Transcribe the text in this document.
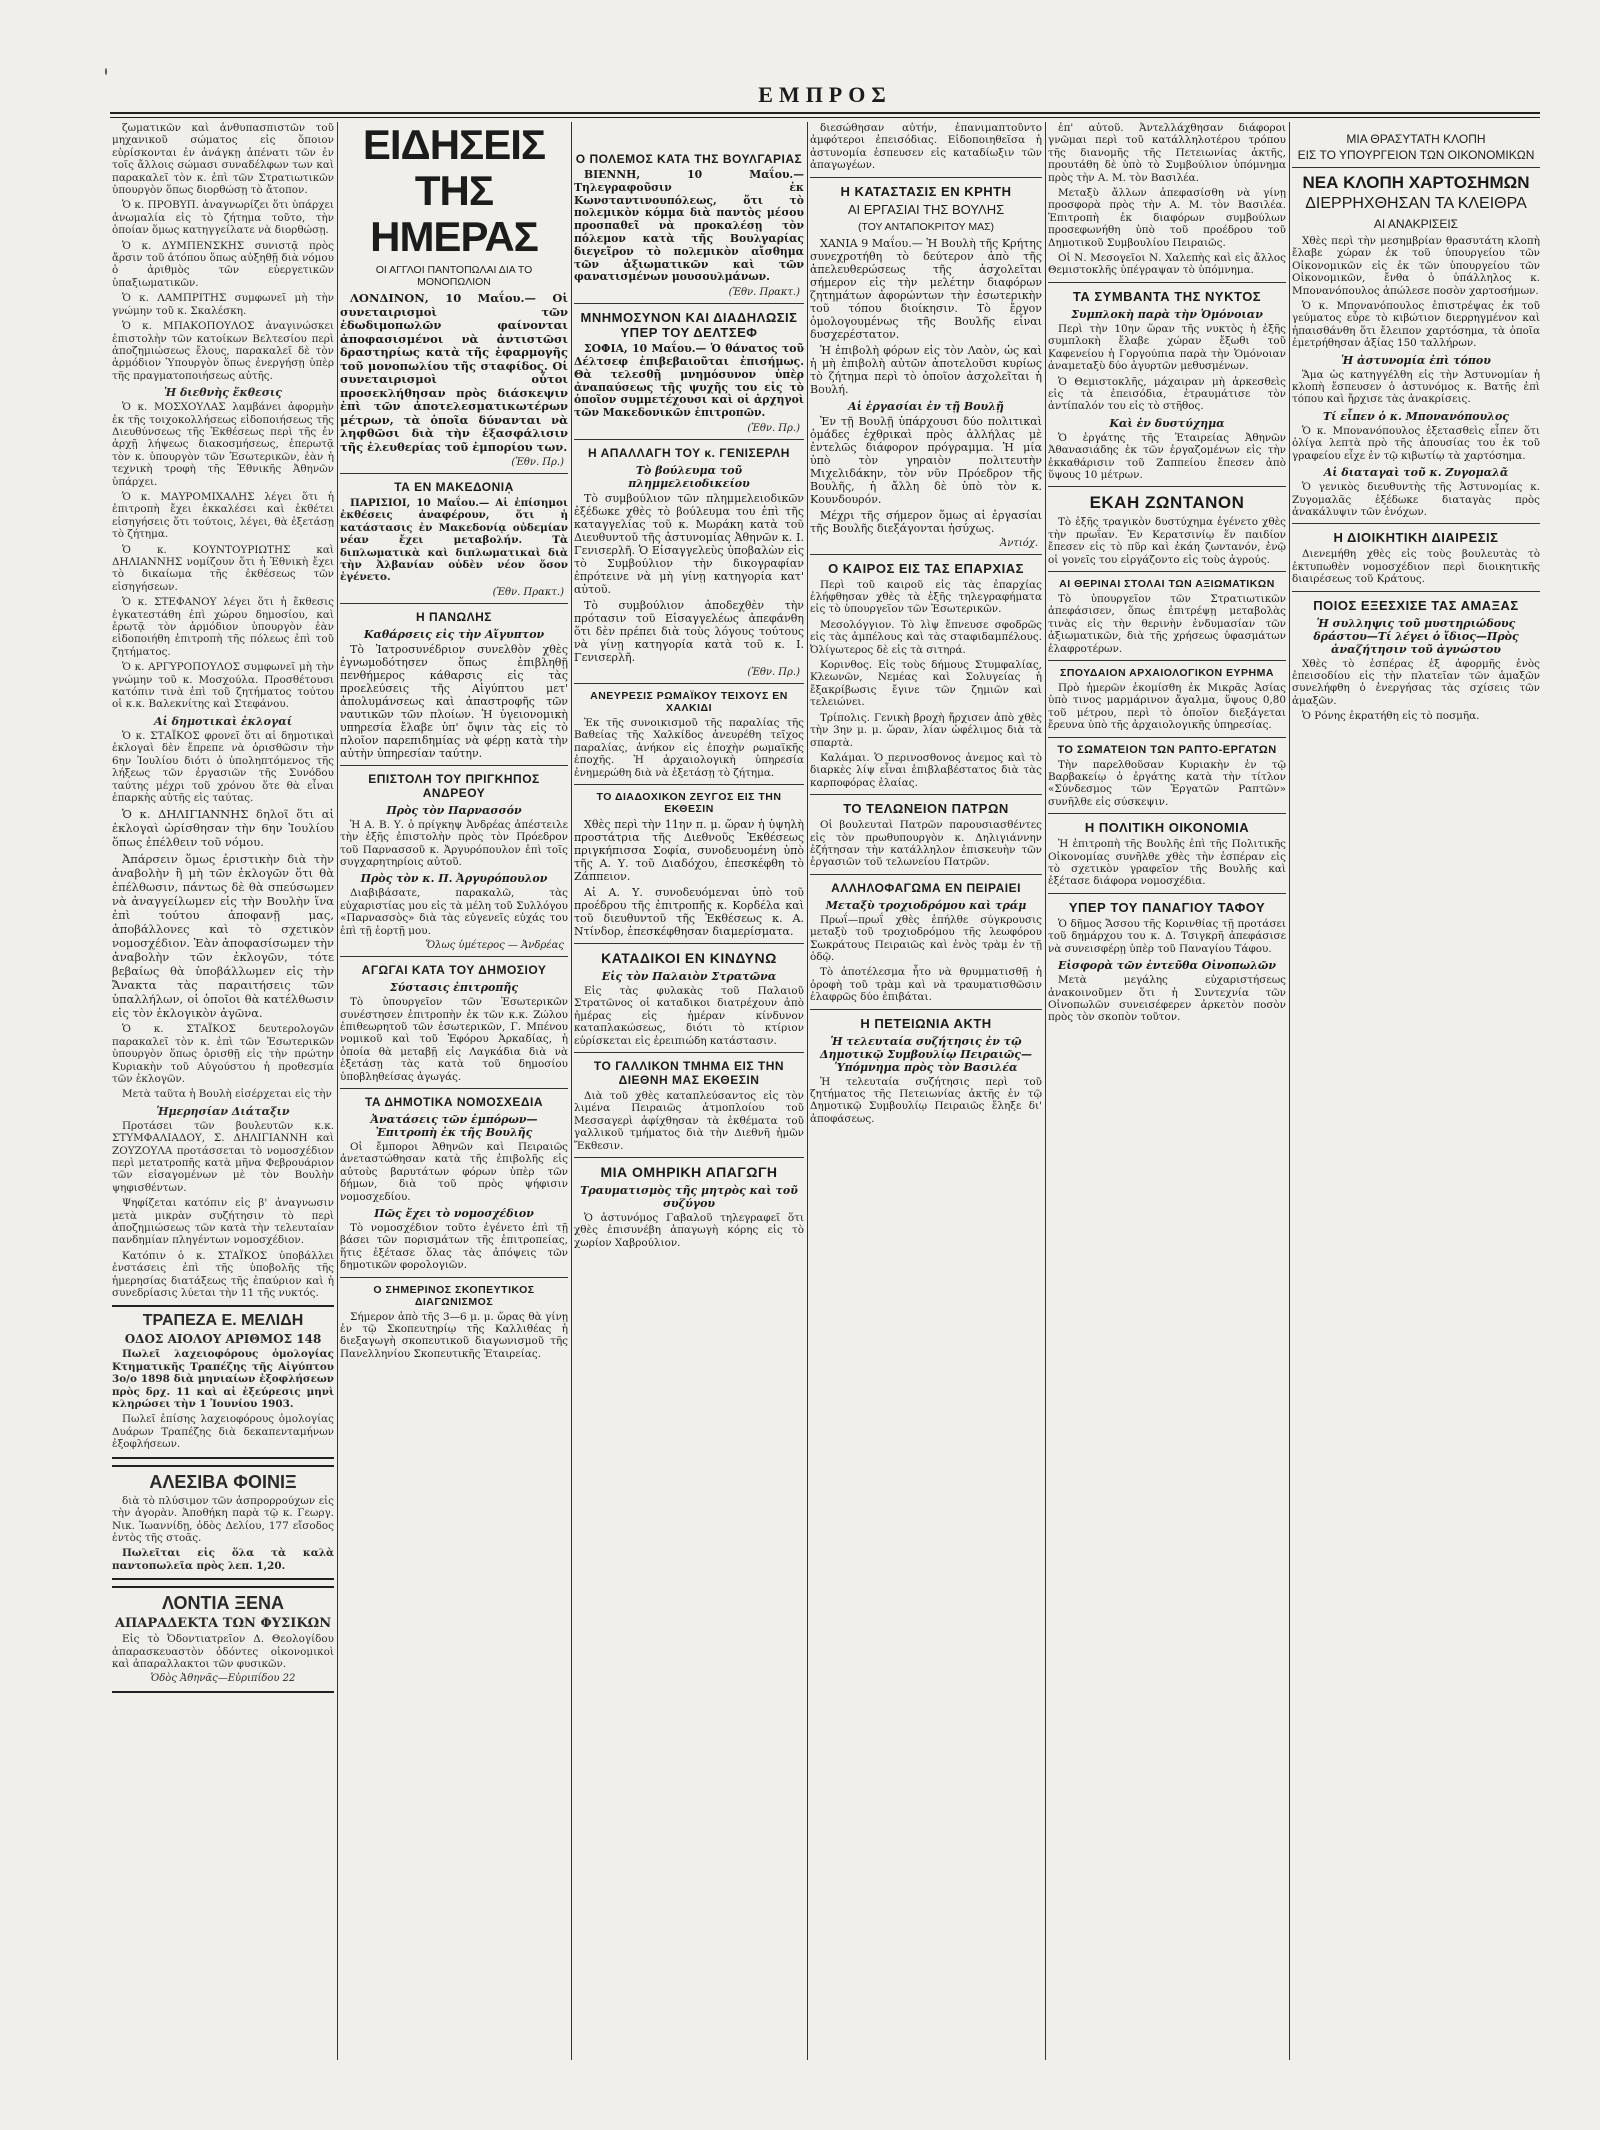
ΕΜΠΡΟΣ

ζωματικῶν καὶ ἀνθυπασπιστῶν τοῦ μηχανικοῦ σώματος εἰς ὅποιον εὑρίσκονται ἐν ἀνάγκῃ ἀπένατι τῶν ἐν τοῖς ἄλλοις σώμασι συναδέλφων των καὶ παρακαλεῖ τὸν κ. ἐπὶ τῶν Στρατιωτικῶν ὑπουργὸν ὅπως διορθώσῃ τὸ ἄτοπον.

Ὁ κ. ΠΡΟΒΥΠ. ἀναγνωρίζει ὅτι ὑπάρχει ἀνωμαλία εἰς τὸ ζήτημα τοῦτο, τὴν ὁποίαν ὅμως κατηγγείλατε νὰ διορθώσῃ.

Ὁ κ. ΔΥΜΠΕΝΣΚΗΣ συνιστᾷ πρὸς ἄρσιν τοῦ ἀτόπου ὅπως αὐξηθῇ διὰ νόμου ὁ ἀριθμὸς τῶν εὐεργετικῶν ὑπαξιωματικῶν.

Ὁ κ. ΛΑΜΠΡΙΤΗΣ συμφωνεῖ μὴ τὴν γνώμην τοῦ κ. Σκαλέσκη.

Ὁ κ. ΜΠΑΚΟΠΟΥΛΟΣ ἀναγινώσκει ἐπιστολὴν τῶν κατοίκων Βελτεσίου περὶ ἀποζημιώσεως ἔλους, παρακαλεῖ δὲ τὸν ἀρμόδιον Ὑπουργὸν ὅπως ἐνεργήσῃ ὑπὲρ τῆς πραγματοποιήσεως αὐτῆς.

Ἡ διεθνὴς ἔκθεσις

Ὁ κ. ΜΟΣΧΟΥΛΑΣ λαμβάνει ἀφορμὴν ἐκ τῆς τοιχοκολλήσεως εἰδοποιήσεως τῆς Διευθύνσεως τῆς Ἐκθέσεως περὶ τῆς ἐν ἀρχῇ λήψεως διακοσμήσεως, ἐπερωτᾷ τὸν κ. ὑπουργὸν τῶν Ἐσωτερικῶν, ἐὰν ἡ τεχνικὴ τροφὴ τῆς Ἐθνικῆς Ἀθηνῶν ὑπάρχει.

Ὁ κ. ΜΑΥΡΟΜΙΧΑΛΗΣ λέγει ὅτι ἡ ἐπιτροπὴ ἔχει ἐκκαλέσει καὶ ἐκθέτει εἰσηγήσεις ὅτι τούτοις, λέγει, θὰ ἐξετάσῃ τὸ ζήτημα.

Ὁ κ. ΚΟΥΝΤΟΥΡΙΩΤΗΣ καὶ ΔΗΛΙΑΝΝΗΣ νομίζουν ὅτι ἡ Ἐθνικὴ ἔχει τὸ δικαίωμα τῆς ἐκθέσεως τῶν εἰσηγήσεων.

Ὁ κ. ΣΤΕΦΑΝΟΥ λέγει ὅτι ἡ ἔκθεσις ἐγκατεστάθη ἐπὶ χώρου δημοσίου, καὶ ἐρωτᾷ τὸν ἁρμόδιον ὑπουργὸν ἐὰν εἰδοποιήθη ἐπιτροπὴ τῆς πόλεως ἐπὶ τοῦ ζητήματος.

Ὁ κ. ΑΡΓΥΡΟΠΟΥΛΟΣ συμφωνεῖ μὴ τὴν γνώμην τοῦ κ. Μοσχούλα. Προσθέτουσι κατόπιν τινὰ ἐπὶ τοῦ ζητήματος τούτου οἱ κ.κ. Βαλεκνίτης καὶ Στεφάνου.

Αἱ δημοτικαὶ ἐκλογαί

Ὁ κ. ΣΤΑΪΚΟΣ φρονεῖ ὅτι αἱ δημοτικαὶ ἐκλογαὶ δὲν ἔπρεπε νὰ ὁρισθῶσιν τὴν 6ην Ἰουλίου διότι ὁ ὑποληπτόμενος τῆς λήξεως τῶν ἐργασιῶν τῆς Συνόδου ταύτης μέχρι τοῦ χρόνου ὅτε θὰ εἶναι ἐπαρκὴς αὐτῆς εἰς ταύτας.

Ὁ κ. ΔΗΛΙΓΙΑΝΝΗΣ δηλοῖ ὅτι αἱ ἐκλογαὶ ὡρίσθησαν τὴν 6ην Ἰουλίου ὅπως ἐπέλθειν τοῦ νόμου.

Ἀπάρσειν ὅμως ἐριστικὴν διὰ τὴν ἀναβολὴν ἢ μὴ τῶν ἐκλογῶν ὅτι θὰ ἐπέλθωσιν, πάντως δὲ θὰ σπεύσωμεν νὰ ἀναγγείλωμεν εἰς τὴν Βουλὴν ἵνα ἐπὶ τούτου ἀποφανῇ μας, ἀποβάλλονες καὶ τὸ σχετικὸν νομοσχέδιον. Ἐὰν ἀποφασίσωμεν τὴν ἀναβολὴν τῶν ἐκλογῶν, τότε βεβαίως θὰ ὑποβάλλωμεν εἰς τὴν Ἄνακτα τὰς παραιτήσεις τῶν ὑπαλλήλων, οἱ ὁποῖοι θὰ κατέλθωσιν εἰς τὸν ἐκλογικὸν ἀγῶνα.

Ὁ κ. ΣΤΑΪΚΟΣ δευτερολογῶν παρακαλεῖ τὸν κ. ἐπὶ τῶν Ἐσωτερικῶν ὑπουργὸν ὅπως ὁρισθῇ εἰς τὴν πρώτην Κυριακὴν τοῦ Αὐγούστου ἡ προθεσμία τῶν ἐκλογῶν.

Μετὰ ταῦτα ἡ Βουλὴ εἰσέρχεται εἰς τὴν

Ἡμερησίαν Διάταξιν

Προτάσει τῶν βουλευτῶν κ.κ. ΣΤΥΜΦΑΛΙΑΔΟΥ, Σ. ΔΗΛΙΓΙΑΝΝΗ καὶ ΖΟΥΖΟΥΛΑ προτάσσεται τὸ νομοσχέδιον περὶ μετατροπῆς κατὰ μῆνα Φεβρουάριον τῶν εἰσαγομένων μὲ τὸν Βουλὴν ψηφισθέντων.

Ψηφίζεται κατόπιν εἰς β' ἀναγνωσιν μετὰ μικρὰν συζήτησιν τὸ περὶ ἀποζημιώσεως τῶν κατὰ τὴν τελευταίαν πανδημίαν πληγέντων νομοσχέδιον.

Κατόπιν ὁ κ. ΣΤΑΪΚΟΣ ὑποβάλλει ἐνστάσεις ἐπὶ τῆς ὑποβολῆς τῆς ἡμερησίας διατάξεως τῆς ἐπαύριον καὶ ἡ συνεδρίασις λύεται τὴν 11 τῆς νυκτός.

ΤΡΑΠΕΖΑ Ε. ΜΕΛΙΔΗ
ΟΔΟΣ ΑΙΟΛΟΥ ΑΡΙΘΜΟΣ 148

Πωλεῖ λαχειοφόρους ὁμολογίας Κτηματικῆς Τραπέζης τῆς Αἰγύπτου 3ο/ο 1898 διὰ μηνιαίων ἐξοφλήσεων πρὸς δρχ. 11 καὶ αἱ ἐξεύρεσις μηνὶ κληρώσει τὴν 1 Ἰουνίου 1903.

Πωλεῖ ἐπίσης λαχειοφόρους ὁμολογίας Δυάρων Τραπέζης διὰ δεκαπενταμήνων ἐξοφλήσεων.

ΑΛΕΣΙΒΑ ΦΟΙΝΙΞ

διὰ τὸ πλύσιμον τῶν ἀσπρορρούχων εἰς τὴν ἀγορὰν. Ἀποθήκη παρὰ τῷ κ. Γεωργ. Νικ. Ἰωαννίδῃ, ὁδὸς Δελίου, 177 εἴσοδος ἐντὸς τῆς στοᾶς.

Πωλεῖται εἰς ὅλα τὰ καλὰ παντοπωλεῖα πρὸς λεπ. 1,20.

ΛΟΝΤΙΑ ΞΕΝΑ
ΑΠΑΡΑΔΕΚΤΑ ΤΩΝ ΦΥΣΙΚΩΝ

Εἰς τὸ Ὀδοντιατρεῖον Δ. Θεολογίδου ἀπαρασκευαστὸν ὀδόντες οἰκονομικοὶ καὶ ἀπαραλλακτοι τῶν φυσικῶν.

Ὁδὸς Ἀθηνᾶς—Εὐριπίδου 22
ΕΙΔΗΣΕΙΣ ΤΗΣ ΗΜΕΡΑΣ
ΟΙ ΑΓΓΛΟΙ ΠΑΝΤΟΠΩΛΑΙ ΔΙΑ ΤΟ ΜΟΝΟΠΩΛΙΟΝ

ΛΟΝΔΙΝΟΝ, 10 Μαΐου.— Οἱ συνεταιρισμοὶ τῶν ἐδωδιμοπωλῶν φαίνονται ἀποφασισμένοι νὰ ἀντιστῶσι δραστηρίως κατὰ τῆς ἐφαρμογῆς τοῦ μονοπωλίου τῆς σταφίδος. Οἱ συνεταιρισμοὶ οὗτοι προσεκλήθησαν πρὸς διάσκεψιν ἐπὶ τῶν ἀποτελεσματικωτέρων μέτρων, τὰ ὁποῖα δύνανται νὰ ληφθῶσι διὰ τὴν ἐξασφάλισιν τῆς ἐλευθερίας τοῦ ἐμπορίου των.

(Ἐθν. Πρ.)
ΤΑ ΕΝ ΜΑΚΕΔΟΝΙᾼ

ΠΑΡΙΣΙΟΙ, 10 Μαΐου.— Αἱ ἐπίσημοι ἐκθέσεις ἀναφέρουν, ὅτι ἡ κατάστασις ἐν Μακεδονίᾳ οὐδεμίαν νέαν ἔχει μεταβολήν. Τὰ διπλωματικὰ καὶ διπλωματικαὶ διὰ τὴν Ἀλβανίαν οὐδὲν νέον ὅσον ἐγένετο.

(Ἐθν. Πρακτ.)
Η ΠΑΝΩΛΗΣ
Καθάρσεις εἰς τὴν Αἴγυπτον

Τὸ Ἰατροσυνέδριον συνελθὸν χθὲς ἐγνωμοδότησεν ὅπως ἐπιβληθῇ πενθήμερος κάθαρσις εἰς τὰς προελεύσεις τῆς Αἰγύπτου μετ' ἀπολυμάνσεως καὶ ἀπαστροφῆς τῶν ναυτικῶν τῶν πλοίων. Ἡ ὑγειονομικὴ υπηρεσία ἔλαβε ὑπ' ὄψιν τὰς εἰς τὸ πλοῖον παρεπιδημίας νὰ φέρῃ κατὰ τὴν αὐτὴν ὑπηρεσίαν ταύτην.

ΕΠΙΣΤΟΛΗ ΤΟΥ ΠΡΙΓΚΗΠΟΣ ΑΝΔΡΕΟΥ
Πρὸς τὸν Παρνασσόν

Ἡ Α. Β. Υ. ὁ πρίγκηψ Ἀνδρέας ἀπέστειλε τὴν ἑξῆς ἐπιστολὴν πρὸς τὸν Πρόεδρον τοῦ Παρνασσοῦ κ. Ἀργυρόπουλον ἐπὶ τοῖς συγχαρητηρίοις αὐτοῦ.

Πρὸς τὸν κ. Π. Ἀργυρόπουλον

Διαβιβάσατε, παρακαλῶ, τὰς εὐχαριστίας μου εἰς τὰ μέλη τοῦ Συλλόγου «Παρνασσὸς» διὰ τὰς εὐγενεῖς εὐχάς του ἐπὶ τῇ ἑορτῇ μου.

Ὅλως ὑμέτερος — Ἀνδρέας
ΑΓΩΓΑΙ ΚΑΤΑ ΤΟΥ ΔΗΜΟΣΙΟΥ
Σύστασις ἐπιτροπῆς

Τὸ ὑπουργεῖον τῶν Ἐσωτερικῶν συνέστησεν ἐπιτροπὴν ἐκ τῶν κ.κ. Ζώλου ἐπιθεωρητοῦ τῶν ἐσωτερικῶν, Γ. Μπένου νομικοῦ καὶ τοῦ Ἐφόρου Ἀρκαδίας, ἡ ὁποία θὰ μεταβῇ εἰς Λαγκάδια διὰ νὰ ἐξετάσῃ τὰς κατὰ τοῦ δημοσίου ὑποβληθείσας ἀγωγάς.

ΤΑ ΔΗΜΟΤΙΚΑ ΝΟΜΟΣΧΕΔΙΑ
Ἀνατάσεις τῶν ἐμπόρων—Ἐπιτροπὴ ἐκ τῆς Βουλῆς

Οἱ ἔμποροι Ἀθηνῶν καὶ Πειραιῶς ἀνεταστώθησαν κατὰ τῆς ἐπιβολῆς εἰς αὐτοὺς βαρυτάτων φόρων ὑπὲρ τῶν δήμων, διὰ τοῦ πρὸς ψήφισιν νομοσχεδίου.

Πῶς ἔχει τὸ νομοσχέδιον

Τὸ νομοσχέδιον τοῦτο ἐγένετο ἐπὶ τῇ βάσει τῶν πορισμάτων τῆς ἐπιτροπείας, ἥτις ἐξέτασε ὅλας τὰς ἀπόψεις τῶν δημοτικῶν φορολογιῶν.

Ο ΣΗΜΕΡΙΝΟΣ ΣΚΟΠΕΥΤΙΚΟΣ ΔΙΑΓΩΝΙΣΜΟΣ

Σήμερον ἀπὸ τῆς 3—6 μ. μ. ὥρας θὰ γίνῃ ἐν τῷ Σκοπευτηρίῳ τῆς Καλλιθέας ἡ διεξαγωγὴ σκοπευτικοῦ διαγωνισμοῦ τῆς Πανελληνίου Σκοπευτικῆς Ἑταιρείας.

Ο ΠΟΛΕΜΟΣ ΚΑΤΑ ΤΗΣ ΒΟΥΛΓΑΡΙΑΣ

ΒΙΕΝΝΗ, 10 Μαΐου.— Τηλεγραφοῦσιν ἐκ Κωνσταντινουπόλεως, ὅτι τὸ πολεμικὸν κόμμα διὰ παντὸς μέσου προσπαθεῖ νὰ προκαλέσῃ τὸν πόλεμον κατὰ τῆς Βουλγαρίας διεγεῖρον τὸ πολεμικὸν αἴσθημα τῶν ἀξιωματικῶν καὶ τῶν φανατισμένων μουσουλμάνων.

(Ἐθν. Πρακτ.)
ΜΝΗΜΟΣΥΝΟΝ ΚΑΙ ΔΙΑΔΗΛΩΣΙΣ ΥΠΕΡ ΤΟΥ ΔΕΛΤΣΕΦ

ΣΟΦΙΑ, 10 Μαΐου.— Ὁ θάνατος τοῦ Δέλτσεφ ἐπιβεβαιοῦται ἐπισήμως. Θὰ τελεσθῇ μνημόσυνον ὑπὲρ ἀναπαύσεως τῆς ψυχῆς του εἰς τὸ ὁποῖον συμμετέχουσι καὶ οἱ ἀρχηγοὶ τῶν Μακεδονικῶν ἐπιτροπῶν.

(Ἐθν. Πρ.)
Η ΑΠΑΛΛΑΓΗ ΤΟΥ κ. ΓΕΝΙΣΕΡΛΗ
Τὸ βούλευμα τοῦ πλημμελειοδικείου

Τὸ συμβούλιον τῶν πλημμελειοδικῶν ἐξέδωκε χθὲς τὸ βούλευμα του ἐπὶ τῆς καταγγελίας τοῦ κ. Μωράκη κατὰ τοῦ Διευθυντοῦ τῆς ἀστυνομίας Ἀθηνῶν κ. Ι. Γενισερλῆ. Ὁ Εἰσαγγελεὺς ὑποβαλὼν εἰς τὸ Συμβούλιον τὴν δικογραφίαν ἐπρότεινε νὰ μὴ γίνῃ κατηγορία κατ' αὐτοῦ.

Τὸ συμβούλιον ἀποδεχθὲν τὴν πρότασιν τοῦ Εἰσαγγελέως ἀπεφάνθη ὅτι δὲν πρέπει διὰ τοὺς λόγους τούτους νὰ γίνῃ κατηγορία κατὰ τοῦ κ. Ι. Γενισερλῆ.

(Ἐθν. Πρ.)
ΑΝΕΥΡΕΣΙΣ ΡΩΜΑΪΚΟΥ ΤΕΙΧΟΥΣ ΕΝ ΧΑΛΚΙΔΙ

Ἐκ τῆς συνοικισμοῦ τῆς παραλίας τῆς Βαθείας τῆς Χαλκίδος ἀνευρέθη τεῖχος παραλίας, ἀνήκον εἰς ἐποχὴν ρωμαϊκῆς ἐποχῆς. Ἡ ἀρχαιολογικὴ ὑπηρεσία ἐνημερώθη διὰ νὰ ἐξετάσῃ τὸ ζήτημα.

ΤΟ ΔΙΑΔΟΧΙΚΟΝ ΖΕΥΓΟΣ ΕΙΣ ΤΗΝ ΕΚΘΕΣΙΝ

Χθὲς περὶ τὴν 11ην π. μ. ὥραν ἡ ὑψηλὴ προστάτρια τῆς Διεθνοῦς Ἐκθέσεως πριγκήπισσα Σοφία, συνοδευομένη ὑπὸ τῆς Α. Υ. τοῦ Διαδόχου, ἐπεσκέφθη τὸ Ζάππειον.

Αἱ Α. Υ. συνοδευόμεναι ὑπὸ τοῦ προέδρου τῆς ἐπιτροπῆς κ. Κορδέλα καὶ τοῦ διευθυντοῦ τῆς Ἐκθέσεως κ. Α. Ντίνδορ, ἐπεσκέφθησαν διαμερίσματα.

ΚΑΤΑΔΙΚΟΙ ΕΝ ΚΙΝΔΥΝΩ
Εἰς τὸν Παλαιὸν Στρατῶνα

Εἰς τὰς φυλακὰς τοῦ Παλαιοῦ Στρατῶνος οἱ καταδικοι διατρέχουν ἀπὸ ἡμέρας εἰς ἡμέραν κίνδυνον καταπλακώσεως, διότι τὸ κτίριον εὑρίσκεται εἰς ἐρειπιώδη κατάστασιν.

ΤΟ ΓΑΛΛΙΚΟΝ ΤΜΗΜΑ ΕΙΣ ΤΗΝ ΔΙΕΘΝΗ ΜΑΣ ΕΚΘΕΣΙΝ

Διὰ τοῦ χθὲς καταπλεύσαντος εἰς τὸν λιμένα Πειραιῶς ἀτμοπλοίου τοῦ Μεσσαγερὶ ἀφίχθησαν τὰ ἐκθέματα τοῦ γαλλικοῦ τμήματος διὰ τὴν Διεθνῆ ἡμῶν Ἔκθεσιν.

ΜΙΑ ΟΜΗΡΙΚΗ ΑΠΑΓΩΓΗ
Τραυματισμὸς τῆς μητρὸς καὶ τοῦ συζύγου

Ὁ ἀστυνόμος Γαβαλοῦ τηλεγραφεῖ ὅτι χθὲς ἐπισυνέβη ἀπαγωγὴ κόρης εἰς τὸ χωρίον Χαβρούλιον.

διεσώθησαν αὐτήν, ἐπανιμαπτοῦντο ἀμφότεροι ἐπεισόδιας. Εἰδοποιηθεῖσα ἡ ἀστυνομία ἐσπευσεν εἰς καταδίωξιν τῶν ἀπαγωγέων.

Η ΚΑΤΑΣΤΑΣΙΣ ΕΝ ΚΡΗΤΗ
ΑΙ ΕΡΓΑΣΙΑΙ ΤΗΣ ΒΟΥΛΗΣ
(ΤΟΥ ΑΝΤΑΠΟΚΡΙΤΟΥ ΜΑΣ)

ΧΑΝΙΑ 9 Μαΐου.— Ἡ Βουλὴ τῆς Κρήτης συνεχροτήθη τὸ δεύτερον ἀπὸ τῆς ἀπελευθερώσεως τῆς ἀσχολεῖται σήμερον εἰς τὴν μελέτην διαφόρων ζητημάτων ἀφορώντων τὴν ἐσωτερικὴν τοῦ τόπου διοίκησιν. Τὸ ἔργον ὁμολογουμένως τῆς Βουλῆς εἶναι δυσχερέστατον.

Ἡ ἐπιβολὴ φόρων εἰς τὸν Λαὸν, ὡς καὶ ἡ μὴ ἐπιβολὴ αὐτῶν ἀποτελοῦσι κυρίως τὸ ζήτημα περὶ τὸ ὁποῖον ἀσχολεῖται ἡ Βουλή.

Αἱ ἐργασίαι ἐν τῇ Βουλῇ

Ἐν τῇ Βουλῇ ὑπάρχουσι δύο πολιτικαὶ ὁμάδες ἐχθρικαὶ πρὸς ἀλλήλας μὲ ἐντελῶς διάφορον πρόγραμμα. Ἡ μία ὑπὸ τὸν γηραιὸν πολιτευτὴν Μιχελιδάκην, τὸν νῦν Πρόεδρον τῆς Βουλῆς, ἡ ἄλλη δὲ ὑπὸ τὸν κ. Κουνδουρόν.

Μέχρι τῆς σήμερον ὅμως αἱ ἐργασίαι τῆς Βουλῆς διεξάγονται ἡσύχως.

Ἀντιόχ.
Ο ΚΑΙΡΟΣ ΕΙΣ ΤΑΣ ΕΠΑΡΧΙΑΣ

Περὶ τοῦ καιροῦ εἰς τὰς ἐπαρχίας ἐλήφθησαν χθὲς τὰ ἑξῆς τηλεγραφήματα εἰς τὸ ὑπουργεῖον τῶν Ἐσωτερικῶν.

Μεσολόγγιον. Τὸ λὶψ ἔπνευσε σφοδρῶς εἰς τὰς ἀμπέλους καὶ τὰς σταφιδαμπέλους. Ὀλίγωτερος δὲ εἰς τὰ σιτηρά.

Κορινθος. Εἰς τοὺς δήμους Στυμφαλίας, Κλεωνῶν, Νεμέας καὶ Σολυγείας ἡ ἔξακρίβωσις ἔγινε τῶν ζημιῶν καὶ τελειώνει.

Τρίπολις. Γενικὴ βροχὴ ἤρχισεν ἀπὸ χθὲς τὴν 3ην μ. μ. ὥραν, λίαν ὠφέλιμος διὰ τὰ σπαρτὰ.

Καλάμαι. Ὁ περινοσθονος ἀνεμος καὶ τὸ διαρκὲς λίψ εἶναι ἐπιβλαβέστατος διὰ τὰς καρποφόρας ἐλαίας.

ΤΟ ΤΕΛΩΝΕΙΟΝ ΠΑΤΡΩΝ

Οἱ βουλευταὶ Πατρῶν παρουσιασθέντες εἰς τὸν πρωθυπουργὸν κ. Δηλιγιάννην ἐζήτησαν τὴν κατάλληλον ἐπισκευὴν τῶν ἐργασιῶν τοῦ τελωνείου Πατρῶν.

ΑΛΛΗΛΟΦΑΓΩΜΑ ΕΝ ΠΕΙΡΑΙΕΙ
Μεταξὺ τροχιοδρόμου καὶ τράμ

Πρωΐ—πρωΐ χθὲς ἐπήλθε σύγκρουσις μεταξὺ τοῦ τροχιοδρόμου τῆς λεωφόρου Σωκράτους Πειραιῶς καὶ ἑνὸς τρὰμ ἐν τῇ ὁδῷ.

Τὸ ἀποτέλεσμα ἦτο νὰ θρυμματισθῇ ἡ ὀροφὴ τοῦ τρὰμ καὶ νὰ τραυματισθῶσιν ἐλαφρῶς δύο ἐπιβάται.

Η ΠΕΤΕΙΩΝΙΑ ΑΚΤΗ
Ἡ τελευταία συζήτησις ἐν τῷ Δημοτικῷ Συμβουλίῳ Πειραιῶς—Ὑπόμνημα πρὸς τὸν Βασιλέα

Ἡ τελευταία συζήτησις περὶ τοῦ ζητήματος τῆς Πετειωνίας ἀκτῆς ἐν τῷ Δημοτικῷ Συμβουλίῳ Πειραιῶς ἔληξε δι' ἀποφάσεως.

ἐπ' αὐτοῦ. Ἀντελλάχθησαν διάφοροι γνῶμαι περὶ τοῦ κατάλληλοτέρου τρόπου τῆς διανομῆς τῆς Πετειωνίας ἀκτῆς, προυτάθη δὲ ὑπὸ τὸ Συμβούλιον ὑπόμνημα πρὸς τὴν Α. Μ. τὸν Βασιλέα.

Μεταξὺ ἄλλων ἀπεφασίσθη νὰ γίνῃ προσφορὰ πρὸς τὴν Α. Μ. τὸν Βασιλέα. Ἐπιτροπὴ ἐκ διαφόρων συμβούλων προσεφωνήθη ὑπὸ τοῦ προέδρου τοῦ Δημοτικοῦ Συμβουλίου Πειραιῶς.

Οἱ Ν. Μεσογεῖοι Ν. Χαλεπὴς καὶ εἰς ἄλλος Θεμιστοκλῆς ὑπέγραψαν τὸ ὑπόμνημα.

ΤΑ ΣΥΜΒΑΝΤΑ ΤΗΣ ΝΥΚΤΟΣ
Συμπλοκὴ παρὰ τὴν Ὁμόνοιαν

Περὶ τὴν 10ην ὥραν τῆς νυκτὸς ἡ ἑξῆς συμπλοκὴ ἔλαβε χώραν ἔξωθι τοῦ Καφενείου ἡ Γοργούπια παρὰ τὴν Ὁμόνοιαν ἀναμεταξὺ δύο ἀγυρτῶν μεθυσμένων.

Ὁ Θεμιστοκλῆς, μάχαιραν μὴ ἀρκεσθεὶς εἰς τὰ ἐπεισόδια, ἐτραυμάτισε τὸν ἀντίπαλόν του εἰς τὸ στῆθος.

Καὶ ἐν δυστύχημα

Ὁ ἐργάτης τῆς Ἐταιρείας Ἀθηνῶν Ἀθανασιάδης ἐκ τῶν ἐργαζομένων εἰς τὴν ἐκκαθάρισιν τοῦ Ζαππείου ἔπεσεν ἀπὸ ὕψους 10 μέτρων.

ΕΚΑΗ ΖΩΝΤΑΝΟΝ

Τὸ ἑξῆς τραγικὸν δυστύχημα ἐγένετο χθὲς τὴν πρωΐαν. Ἐν Κερατσινίῳ ἕν παιδίον ἔπεσεν εἰς τὸ πῦρ καὶ ἐκάη ζωντανόν, ἐνῷ οἱ γονεῖς του εἰργάζοντο εἰς τοὺς ἀγρούς.

ΑΙ ΘΕΡΙΝΑΙ ΣΤΟΛΑΙ ΤΩΝ ΑΞΙΩΜΑΤΙΚΩΝ

Τὸ ὑπουργεῖον τῶν Στρατιωτικῶν ἀπεφάσισεν, ὅπως ἐπιτρέψῃ μεταβολὰς τινὰς εἰς τὴν θερινὴν ἐνδυμασίαν τῶν ἀξιωματικῶν, διὰ τῆς χρήσεως ὑφασμάτων ἐλαφροτέρων.

ΣΠΟΥΔΑΙΟΝ ΑΡΧΑΙΟΛΟΓΙΚΟΝ ΕΥΡΗΜΑ

Πρὸ ἡμερῶν ἐκομίσθη ἐκ Μικρᾶς Ἀσίας ὑπὸ τινος μαρμάρινον ἄγαλμα, ὕψους 0,80 τοῦ μέτρου, περὶ τὸ ὁποῖον διεξάγεται ἔρευνα ὑπὸ τῆς ἀρχαιολογικῆς ὑπηρεσίας.

ΤΟ ΣΩΜΑΤΕΙΟΝ ΤΩΝ ΡΑΠΤΟ-ΕΡΓΑΤΩΝ

Τὴν παρελθοῦσαν Κυριακὴν ἐν τῷ Βαρβακείῳ ὁ ἐργάτης κατὰ τὴν τίτλον «Σύνδεσμος τῶν Ἐργατῶν Ραπτῶν» συνῆλθε εἰς σύσκεψιν.

Η ΠΟΛΙΤΙΚΗ ΟΙΚΟΝΟΜΙΑ

Ἡ ἐπιτροπὴ τῆς Βουλῆς ἐπὶ τῆς Πολιτικῆς Οἰκονομίας συνῆλθε χθὲς τὴν ἑσπέραν εἰς τὸ σχετικὸν γραφεῖον τῆς Βουλῆς καὶ ἐξέτασε διάφορα νομοσχέδια.

ΥΠΕΡ ΤΟΥ ΠΑΝΑΓΙΟΥ ΤΑΦΟΥ

Ὁ δῆμος Ἄσσου τῆς Κορινθίας τῇ προτάσει τοῦ δημάρχου του κ. Δ. Τσιγκρῆ ἀπεφάσισε νὰ συνεισφέρῃ ὑπὲρ τοῦ Παναγίου Τάφου.

Εἰσφορὰ τῶν ἐντεῦθα Οἰνοπωλῶν

Μετὰ μεγάλης εὐχαριστήσεως ἀνακοινοῦμεν ὅτι ἡ Συντεχνία τῶν Οἰνοπωλῶν συνεισέφερεν ἀρκετὸν ποσὸν πρὸς τὸν σκοπὸν τοῦτον.

ΜΙΑ ΘΡΑΣΥΤΑΤΗ ΚΛΟΠΗ
ΕΙΣ ΤΟ ΥΠΟΥΡΓΕΙΟΝ ΤΩΝ ΟΙΚΟΝΟΜΙΚΩΝ
ΝΕΑ ΚΛΟΠΗ ΧΑΡΤΟΣΗΜΩΝ
ΔΙΕΡΡΗΧΘΗΣΑΝ ΤΑ ΚΛΕΙΘΡΑ
ΑΙ ΑΝΑΚΡΙΣΕΙΣ

Χθὲς περὶ τὴν μεσημβρίαν θρασυτάτη κλοπὴ ἔλαβε χώραν ἐκ τοῦ ὑπουργείου τῶν Οἰκονομικῶν εἰς ἐκ τῶν ὑπουργείου τῶν Οἰκονομικῶν, ἔνθα ὁ ὑπάλληλος κ. Μπονανόπουλος ἀπώλεσε ποσὸν χαρτοσήμων.

Ὁ κ. Μπονανόπουλος ἐπιστρέψας ἐκ τοῦ γεύματος εὗρε τὸ κιβώτιον διερρηγμένον καὶ ἠπαισθάνθη ὅτι ἔλειπον χαρτόσημα, τὰ ὁποῖα ἐμετρήθησαν ἀξίας 150 ταλλήρων.

Ἡ ἀστυνομία ἐπὶ τόπου

Ἅμα ὡς κατηγγέλθη εἰς τὴν Ἀστυνομίαν ἡ κλοπὴ ἔσπευσεν ὁ ἀστυνόμος κ. Βατῆς ἐπὶ τόπου καὶ ἤρχισε τὰς ἀνακρίσεις.

Τί εἶπεν ὁ κ. Μπονανόπουλος

Ὁ κ. Μπονανόπουλος ἐξετασθεὶς εἶπεν ὅτι ὀλίγα λεπτὰ πρὸ τῆς ἀπουσίας του ἐκ τοῦ γραφείου εἶχε ἐν τῷ κιβωτίῳ τὰ χαρτόσημα.

Αἱ διαταγαὶ τοῦ κ. Ζυγομαλᾶ

Ὁ γενικὸς διευθυντὴς τῆς Ἀστυνομίας κ. Ζυγομαλᾶς ἐξέδωκε διαταγὰς πρὸς ἀνακάλυψιν τῶν ἐνόχων.

Η ΔΙΟΙΚΗΤΙΚΗ ΔΙΑΙΡΕΣΙΣ

Διενεμήθη χθὲς εἰς τοὺς βουλευτὰς τὸ ἐκτυπωθὲν νομοσχέδιον περὶ διοικητικῆς διαιρέσεως τοῦ Κράτους.

ΠΟΙΟΣ ΕΞΕΣΧΙΣΕ ΤΑΣ ΑΜΑΞΑΣ
Ἡ συλληψις τοῦ μυστηριώδους δράστου—Τί λέγει ὁ ἴδιος—Πρὸς ἀναζήτησιν τοῦ ἀγνώστου

Χθὲς τὸ ἑσπέρας ἐξ ἀφορμῆς ἐνὸς ἐπεισοδίου εἰς τὴν πλατεῖαν τῶν ἁμαξῶν συνελήφθη ὁ ἐνεργήσας τὰς σχίσεις τῶν ἁμαξῶν.

Ὁ Ρόνης ἐκρατήθη εἰς τὸ ποσμῆα.
